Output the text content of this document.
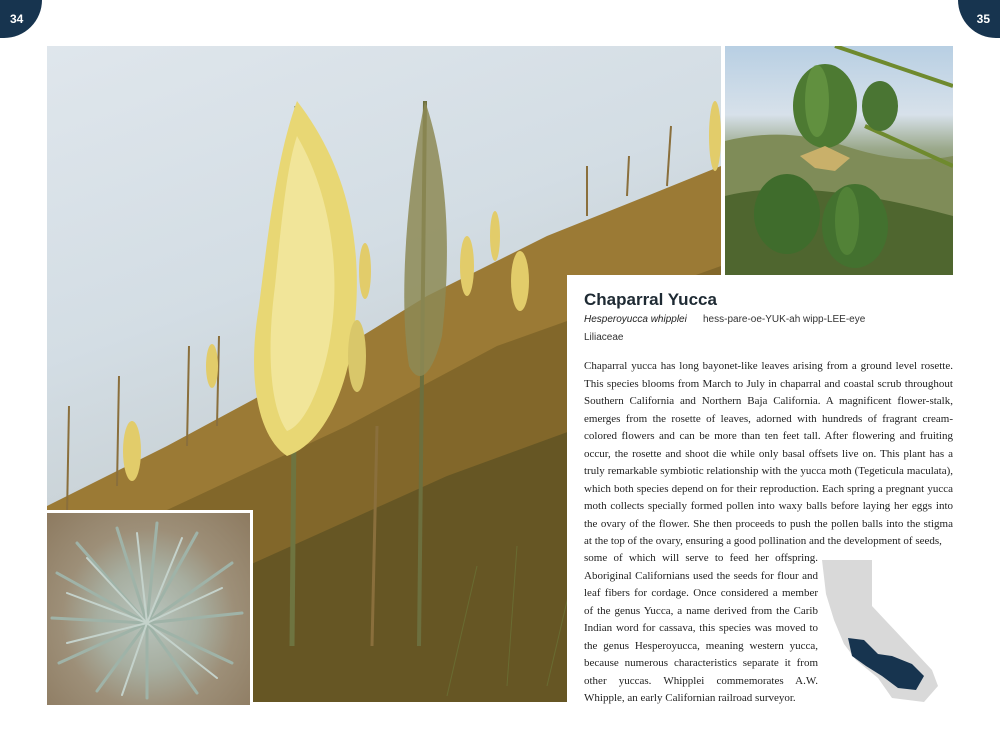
34	35
Chaparral Yucca
Hesperoyucca whipplei hess-pare-oe-YUK-ah wipp-LEE-eye
Liliaceae

Chaparral yucca has long bayonet-like leaves arising from a ground level rosette. This species blooms from March to July in chaparral and coastal scrub throughout Southern California and Northern Baja California. A magnificent flower-stalk, emerges from the rosette of leaves, adorned with hundreds of fragrant cream-colored flowers and can be more than ten feet tall. After flowering and fruiting occur, the rosette and shoot die while only basal offsets live on. This plant has a truly remarkable symbiotic relationship with the yucca moth (Tegeticula maculata), which both species depend on for their reproduction. Each spring a pregnant yucca moth collects specially formed pollen into waxy balls before laying her eggs into the ovary of the flower. She then proceeds to push the pollen balls into the stigma at the top of the ovary, ensuring a good pollination and the development of seeds,

some of which will serve to feed her offspring. Aboriginal Californians used the seeds for flour and leaf fibers for cordage. Once considered a member of the genus Yucca, a name derived from the Carib Indian word for cassava, this species was moved to the genus Hesperoyucca, meaning western yucca, because numerous characteristics separate it from other yuccas. Whipplei commemorates A.W. Whipple, an early Californian railroad surveyor.
